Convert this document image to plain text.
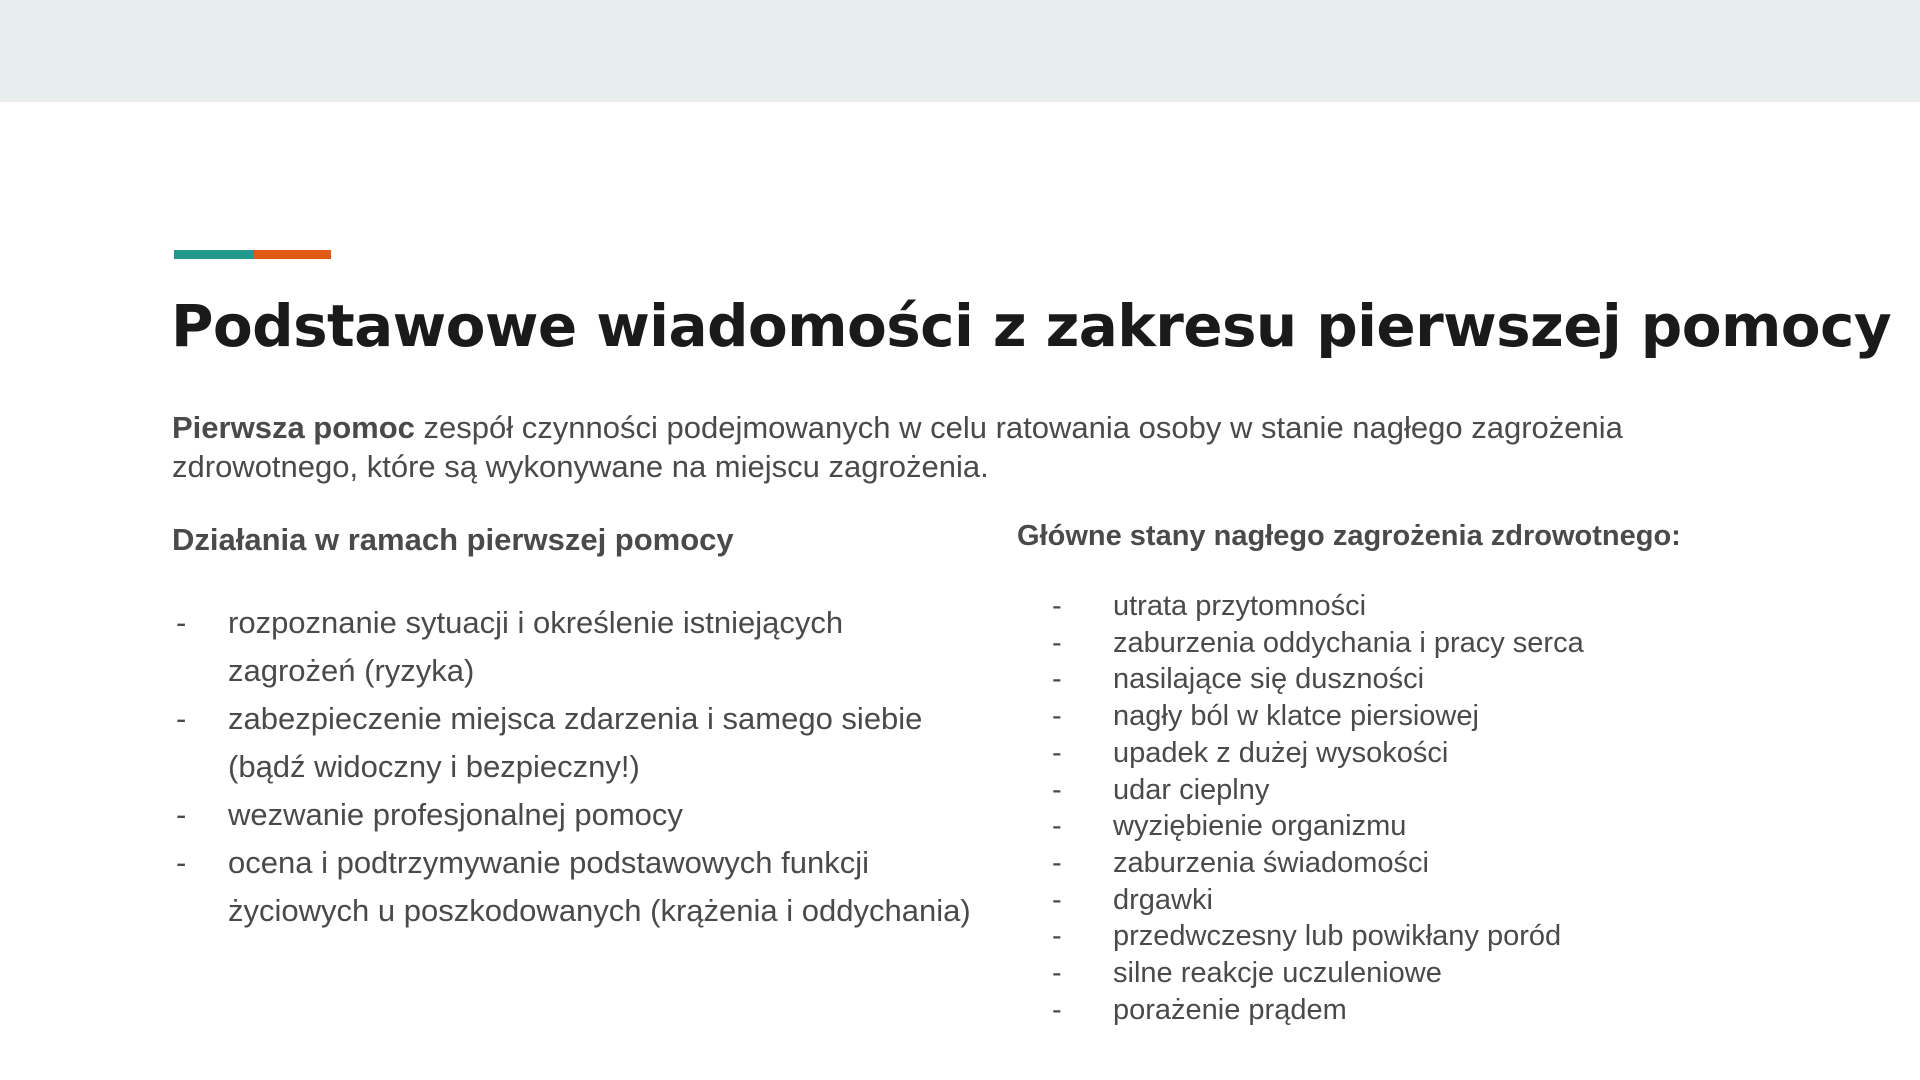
Podstawowe wiadomości z zakresu pierwszej pomocy

Pierwsza pomoc zespół czynności podejmowanych w celu ratowania osoby w stanie nagłego zagrożenia zdrowotnego, które są wykonywane na miejscu zagrożenia.

Działania w ramach pierwszej pomocy
- rozpoznanie sytuacji i określenie istniejących zagrożeń (ryzyka)
- zabezpieczenie miejsca zdarzenia i samego siebie (bądź widoczny i bezpieczny!)
- wezwanie profesjonalnej pomocy
- ocena i podtrzymywanie podstawowych funkcji życiowych u poszkodowanych (krążenia i oddychania)
Główne stany nagłego zagrożenia zdrowotnego:
- utrata przytomności
- zaburzenia oddychania i pracy serca
- nasilające się duszności
- nagły ból w klatce piersiowej
- upadek z dużej wysokości
- udar cieplny
- wyziębienie organizmu
- zaburzenia świadomości
- drgawki
- przedwczesny lub powikłany poród
- silne reakcje uczuleniowe
- porażenie prądem
